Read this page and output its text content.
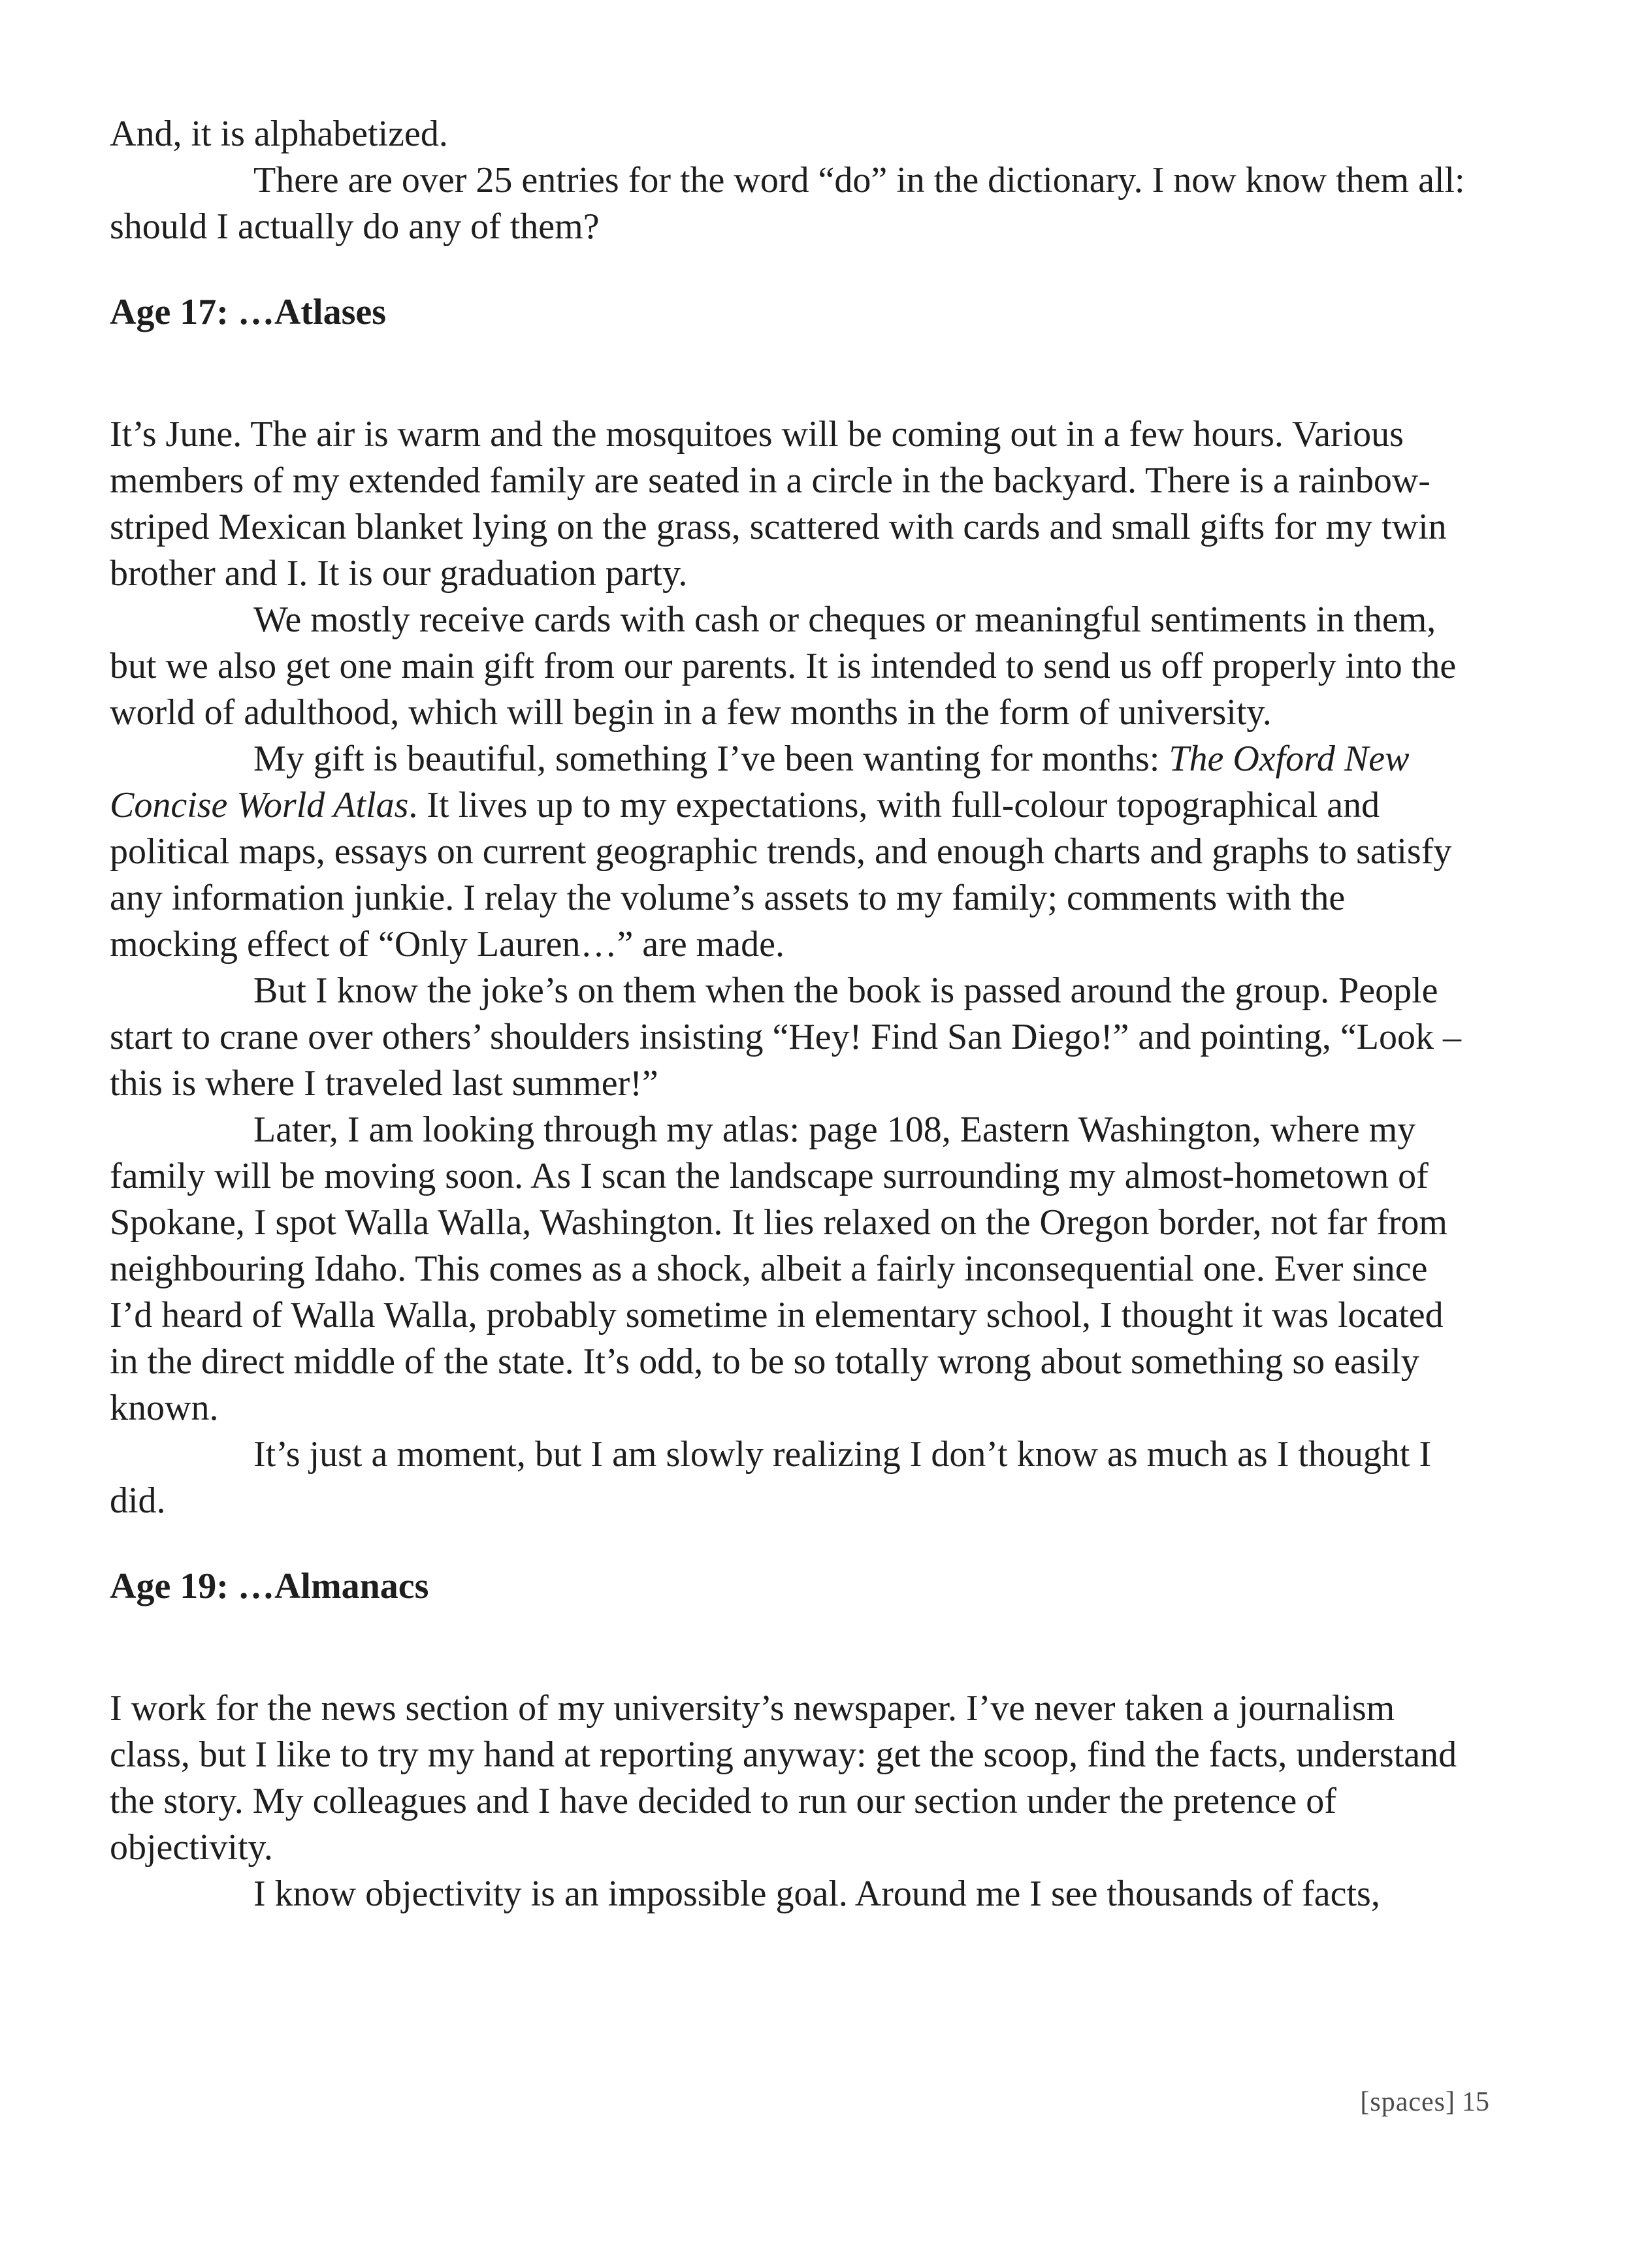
And, it is alphabetized.

There are over 25 entries for the word “do” in the dictionary. I now know them all: should I actually do any of them?

Age 17: …Atlases

It’s June. The air is warm and the mosquitoes will be coming out in a few hours. Various members of my extended family are seated in a circle in the backyard. There is a rainbow-striped Mexican blanket lying on the grass, scattered with cards and small gifts for my twin brother and I. It is our graduation party.

We mostly receive cards with cash or cheques or meaningful sentiments in them, but we also get one main gift from our parents. It is intended to send us off properly into the world of adulthood, which will begin in a few months in the form of university.

My gift is beautiful, something I’ve been wanting for months: The Oxford New Concise World Atlas. It lives up to my expectations, with full-colour topographical and political maps, essays on current geographic trends, and enough charts and graphs to satisfy any information junkie. I relay the volume’s assets to my family; comments with the mocking effect of “Only Lauren…” are made.

But I know the joke’s on them when the book is passed around the group. People start to crane over others’ shoulders insisting “Hey! Find San Diego!” and pointing, “Look – this is where I traveled last summer!”

Later, I am looking through my atlas: page 108, Eastern Washington, where my family will be moving soon. As I scan the landscape surrounding my almost-hometown of Spokane, I spot Walla Walla, Washington. It lies relaxed on the Oregon border, not far from neighbouring Idaho. This comes as a shock, albeit a fairly inconsequential one. Ever since I’d heard of Walla Walla, probably sometime in elementary school, I thought it was located in the direct middle of the state. It’s odd, to be so totally wrong about something so easily known.

It’s just a moment, but I am slowly realizing I don’t know as much as I thought I did.

Age 19: …Almanacs

I work for the news section of my university’s newspaper. I’ve never taken a journalism class, but I like to try my hand at reporting anyway: get the scoop, find the facts, understand the story. My colleagues and I have decided to run our section under the pretence of objectivity.

I know objectivity is an impossible goal. Around me I see thousands of facts,

[spaces] 15
